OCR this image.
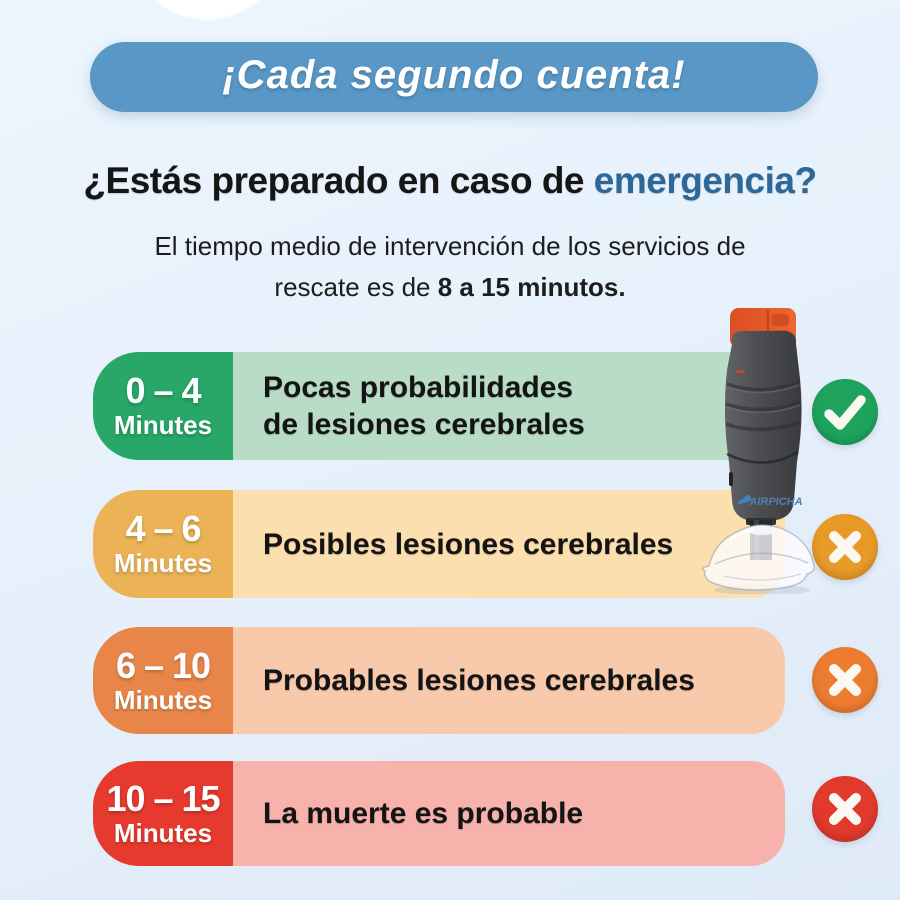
¡Cada segundo cuenta!
¿Estás preparado en caso de emergencia?
El tiempo medio de intervención de los servicios de
rescate es de 8 a 15 minutos.
0 – 4
Minutes
Pocas probabilidades
de lesiones cerebrales
4 – 6
Minutes
Posibles lesiones cerebrales
6 – 10
Minutes
Probables lesiones cerebrales
10 – 15
Minutes
La muerte es probable
AIRPICHA
